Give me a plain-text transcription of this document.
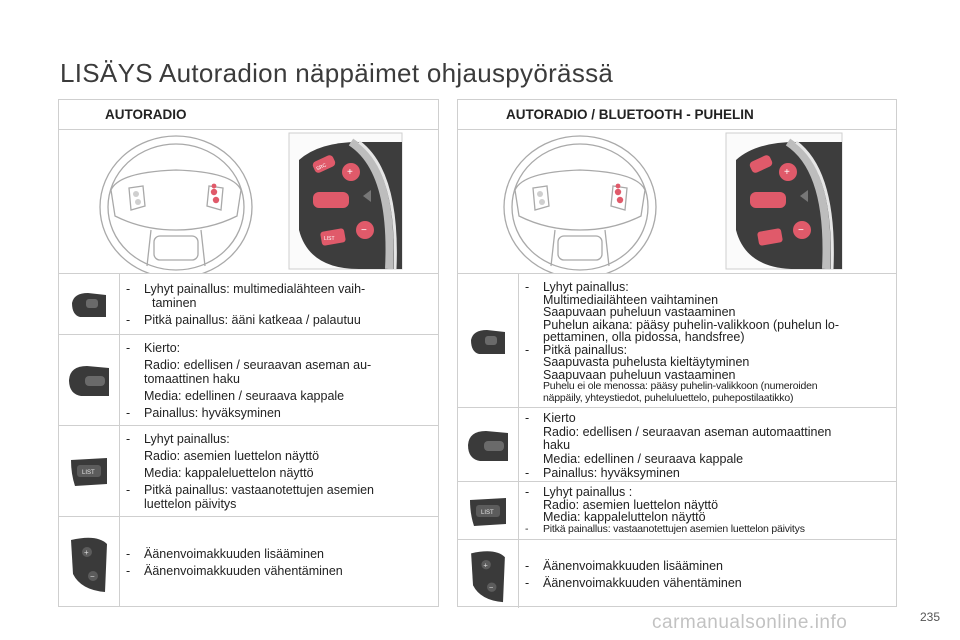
LISÄYS Autoradion näppäimet ohjauspyörässä
AUTORADIO
SRC +
LIST
−
-	Lyhyt painallus: multimedialähteen vaih-
taminen
-	Pitkä painallus: ääni katkeaa / palautuu
-	Kierto:
Radio: edellisen / seuraavan aseman au-
tomaattinen haku
Media: edellinen / seuraava kappale
-	Painallus: hyväksyminen
LIST
-	Lyhyt painallus:
Radio: asemien luettelon näyttö
Media: kappaleluettelon näyttö
-	Pitkä painallus: vastaanotettujen asemien
luettelon päivitys
+
−
-	Äänenvoimakkuuden lisääminen
-	Äänenvoimakkuuden vähentäminen
AUTORADIO / BLUETOOTH - PUHELIN
+
−
-	Lyhyt painallus:
Multimediailähteen vaihtaminen
Saapuvaan puheluun vastaaminen
Puhelun aikana: pääsy puhelin-valikkoon (puhelun lo-
pettaminen, olla pidossa, handsfree)
-	Pitkä painallus:
Saapuvasta puhelusta kieltäytyminen
Saapuvaan puheluun vastaaminen
Puhelu ei ole menossa: pääsy puhelin-valikkoon (numeroiden
näppäily, yhteystiedot, puheluluettelo, puhepostilaatikko)
-	Kierto
Radio: edellisen / seuraavan aseman automaattinen
haku
Media: edellinen / seuraava kappale
-	Painallus: hyväksyminen
LIST
-	Lyhyt painallus :
Radio: asemien luettelon näyttö
Media: kappaleluttelon näyttö
-	Pitkä painallus: vastaanotettujen asemien luettelon päivitys
+
−
-	Äänenvoimakkuuden lisääminen
-	Äänenvoimakkuuden vähentäminen
carmanualsonline.info	235
